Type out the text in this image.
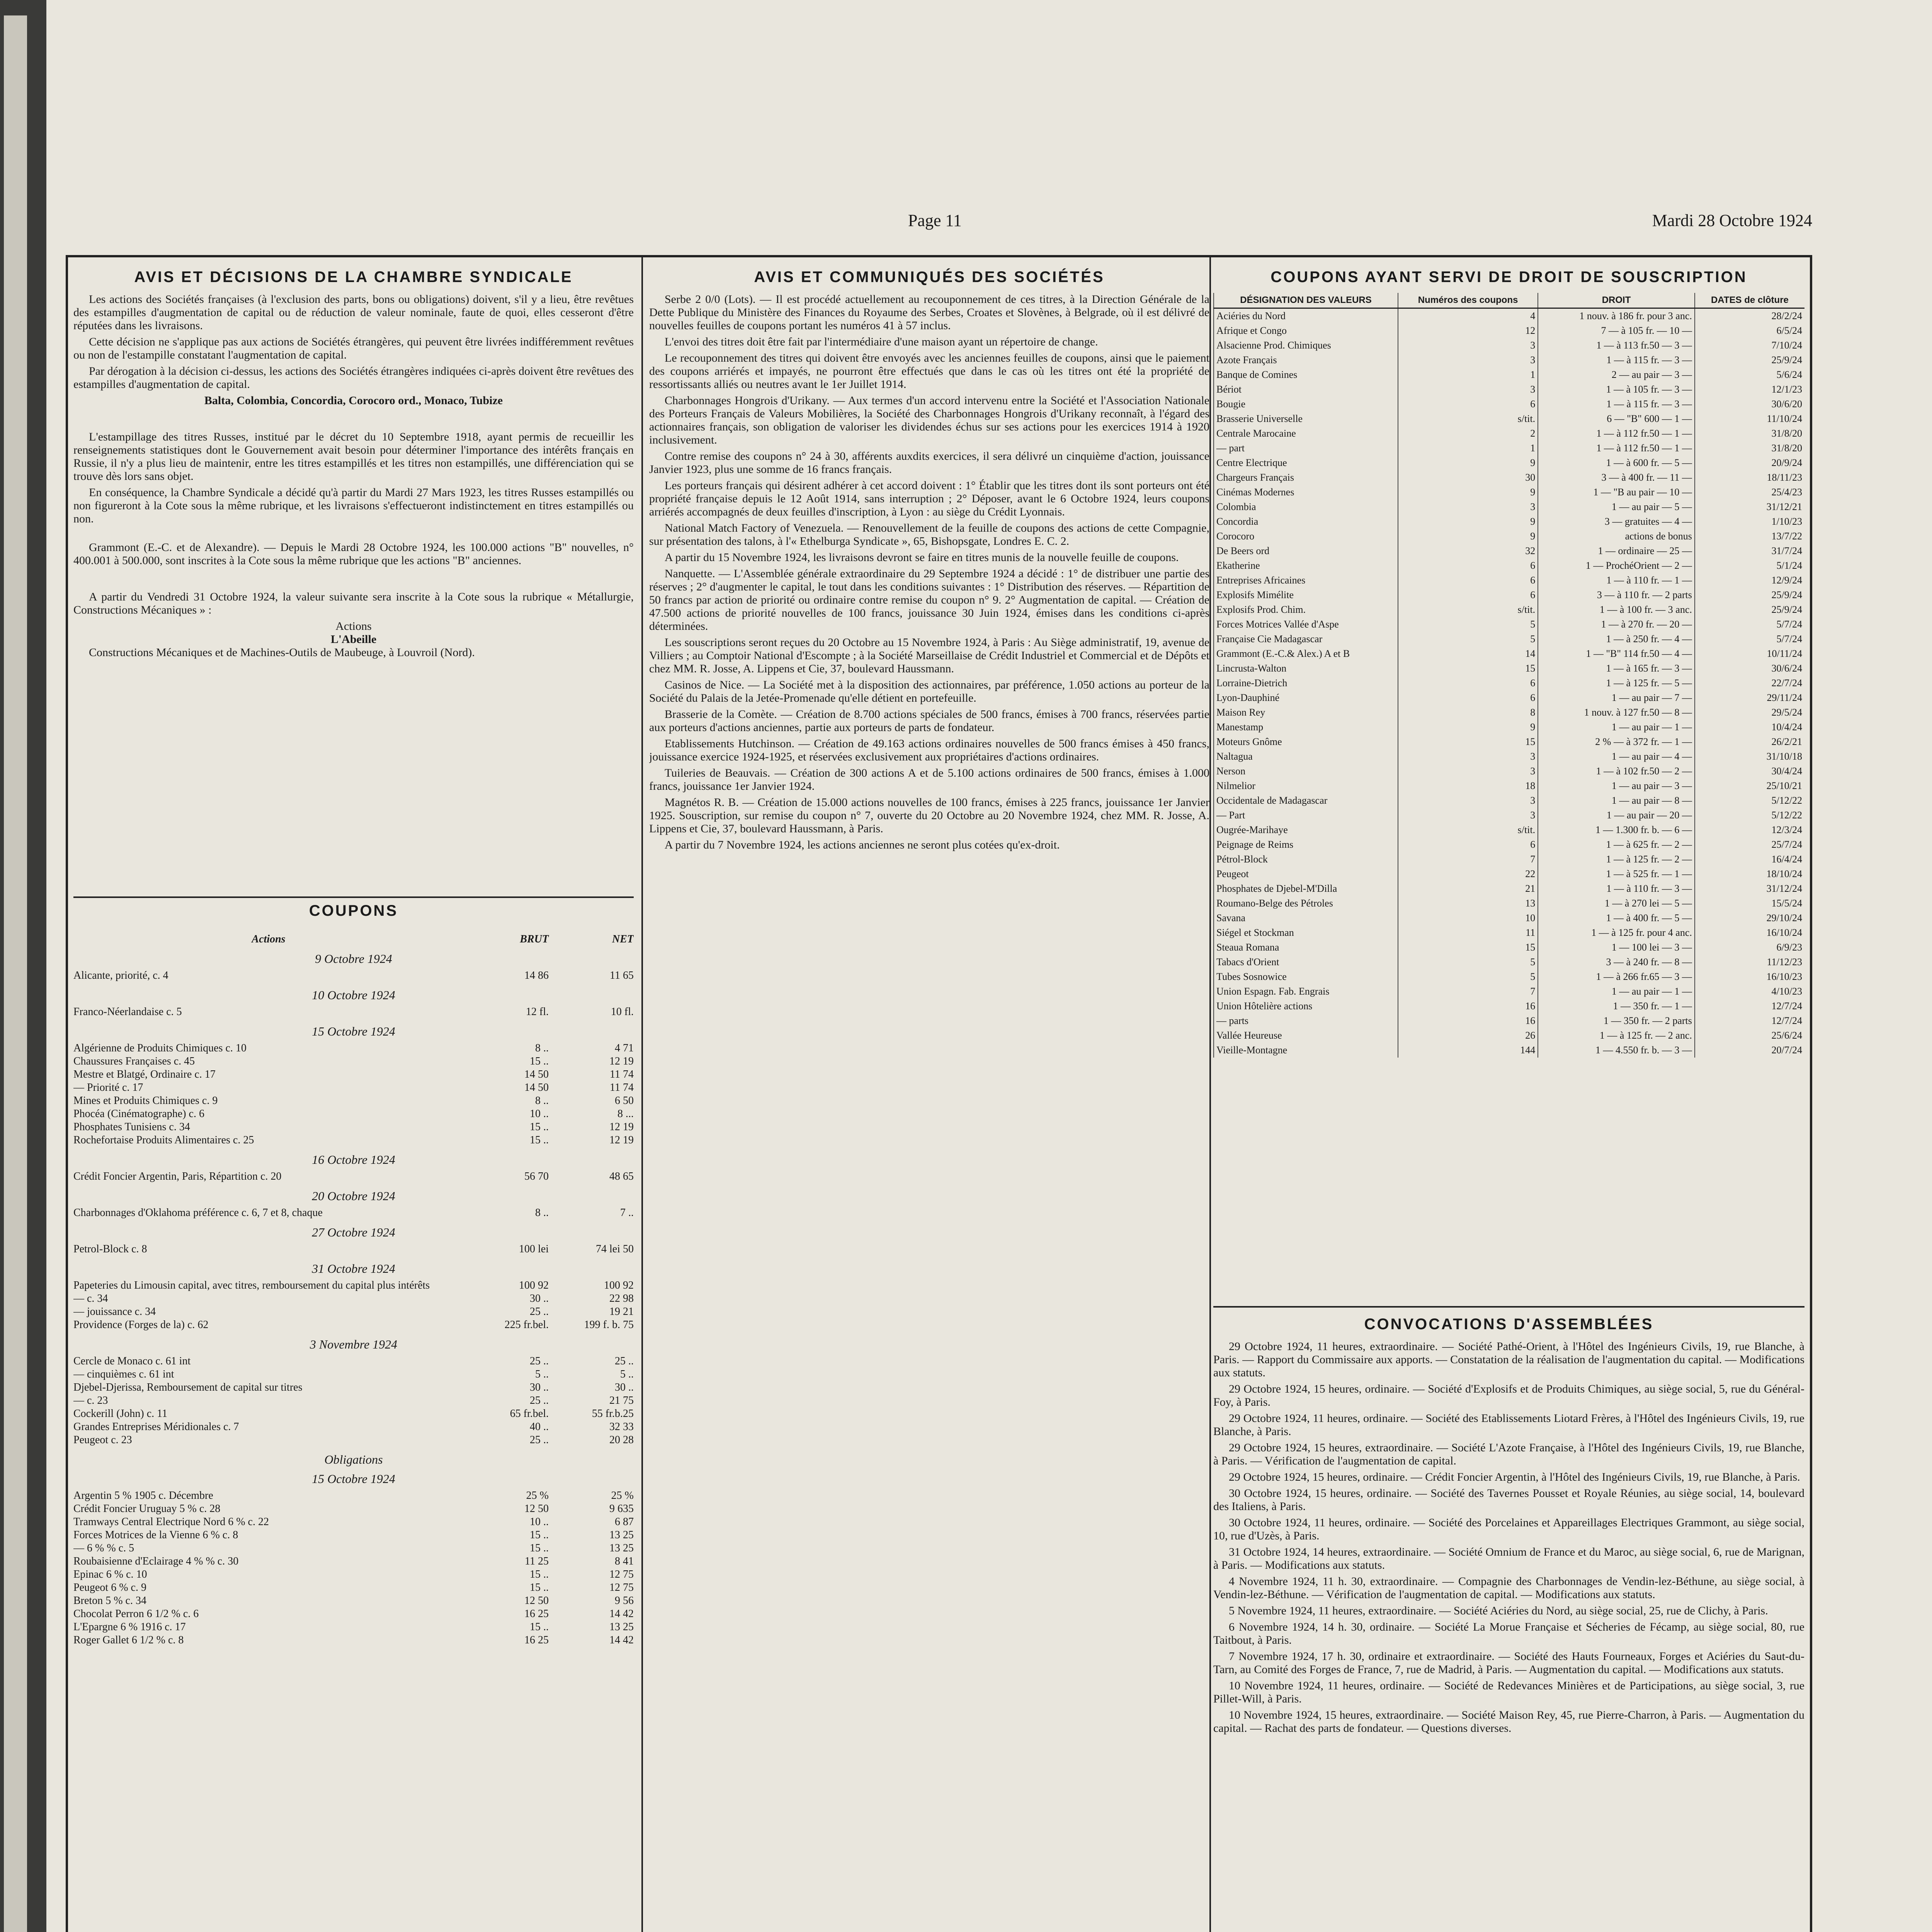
Page 11	Mardi 28 Octobre 1924
AVIS ET DÉCISIONS DE LA CHAMBRE SYNDICALE

Les actions des Sociétés françaises (à l'exclusion des parts, bons ou obligations) doivent, s'il y a lieu, être revêtues des estampilles d'augmentation de capital ou de réduction de valeur nominale, faute de quoi, elles cesseront d'être réputées dans les livraisons.

Cette décision ne s'applique pas aux actions de Sociétés étrangères, qui peuvent être livrées indifféremment revêtues ou non de l'estampille constatant l'augmentation de capital.

Par dérogation à la décision ci-dessus, les actions des Sociétés étrangères indiquées ci-après doivent être revêtues des estampilles d'augmentation de capital.

Balta, Colombia, Concordia, Corocoro ord., Monaco, Tubize

L'estampillage des titres Russes, institué par le décret du 10 Septembre 1918, ayant permis de recueillir les renseignements statistiques dont le Gouvernement avait besoin pour déterminer l'importance des intérêts français en Russie, il n'y a plus lieu de maintenir, entre les titres estampillés et les titres non estampillés, une différenciation qui se trouve dès lors sans objet.

En conséquence, la Chambre Syndicale a décidé qu'à partir du Mardi 27 Mars 1923, les titres Russes estampillés ou non figureront à la Cote sous la même rubrique, et les livraisons s'effectueront indistinctement en titres estampillés ou non.

Grammont (E.-C. et de Alexandre). — Depuis le Mardi 28 Octobre 1924, les 100.000 actions "B" nouvelles, n° 400.001 à 500.000, sont inscrites à la Cote sous la même rubrique que les actions "B" anciennes.

A partir du Vendredi 31 Octobre 1924, la valeur suivante sera inscrite à la Cote sous la rubrique « Métallurgie, Constructions Mécaniques » :

Actions
L'Abeille

Constructions Mécaniques et de Machines-Outils de Maubeuge, à Louvroil (Nord).

COUPONS
Actions	BRUT	NET
9 Octobre 1924
Alicante, priorité, c. 4	14 86	11 65
10 Octobre 1924
Franco-Néerlandaise c. 5	12 fl.	10 fl.
15 Octobre 1924
Algérienne de Produits Chimiques c. 10	8 ..	4 71
Chaussures Françaises c. 45	15 ..	12 19
Mestre et Blatgé, Ordinaire c. 17	14 50	11 74
— Priorité c. 17	14 50	11 74
Mines et Produits Chimiques c. 9	8 ..	6 50
Phocéa (Cinématographe) c. 6	10 ..	8 ...
Phosphates Tunisiens c. 34	15 ..	12 19
Rochefortaise Produits Alimentaires c. 25	15 ..	12 19
16 Octobre 1924
Crédit Foncier Argentin, Paris, Répartition c. 20	56 70	48 65
20 Octobre 1924
Charbonnages d'Oklahoma préférence c. 6, 7 et 8, chaque	8 ..	7 ..
27 Octobre 1924
Petrol-Block c. 8	100 lei	74 lei 50
31 Octobre 1924
Papeteries du Limousin capital, avec titres, remboursement du capital plus intérêts	100 92	100 92
— c. 34	30 ..	22 98
— jouissance c. 34	25 ..	19 21
Providence (Forges de la) c. 62	225 fr.bel.	199 f. b. 75
3 Novembre 1924
Cercle de Monaco c. 61 int	25 ..	25 ..
— cinquièmes c. 61 int	5 ..	5 ..
Djebel-Djerissa, Remboursement de capital sur titres	30 ..	30 ..
— c. 23	25 ..	21 75
Cockerill (John) c. 11	65 fr.bel.	55 fr.b.25
Grandes Entreprises Méridionales c. 7	40 ..	32 33
Peugeot c. 23	25 ..	20 28
Obligations
15 Octobre 1924
Argentin 5 % 1905 c. Décembre	25 %	25 %
Crédit Foncier Uruguay 5 % c. 28	12 50	9 635
Tramways Central Electrique Nord 6 % c. 22	10 ..	6 87
Forces Motrices de la Vienne 6 % c. 8	15 ..	13 25
— 6 % % c. 5	15 ..	13 25
Roubaisienne d'Eclairage 4 % % c. 30	11 25	8 41
Epinac 6 % c. 10	15 ..	12 75
Peugeot 6 % c. 9	15 ..	12 75
Breton 5 % c. 34	12 50	9 56
Chocolat Perron 6 1/2 % c. 6	16 25	14 42
L'Epargne 6 % 1916 c. 17	15 ..	13 25
Roger Gallet 6 1/2 % c. 8	16 25	14 42
AVIS ET COMMUNIQUÉS DES SOCIÉTÉS

Serbe 2 0/0 (Lots). — Il est procédé actuellement au recouponnement de ces titres, à la Direction Générale de la Dette Publique du Ministère des Finances du Royaume des Serbes, Croates et Slovènes, à Belgrade, où il est délivré de nouvelles feuilles de coupons portant les numéros 41 à 57 inclus.

L'envoi des titres doit être fait par l'intermédiaire d'une maison ayant un répertoire de change.

Le recouponnement des titres qui doivent être envoyés avec les anciennes feuilles de coupons, ainsi que le paiement des coupons arriérés et impayés, ne pourront être effectués que dans le cas où les titres ont été la propriété de ressortissants alliés ou neutres avant le 1er Juillet 1914.

Charbonnages Hongrois d'Urikany. — Aux termes d'un accord intervenu entre la Société et l'Association Nationale des Porteurs Français de Valeurs Mobilières, la Société des Charbonnages Hongrois d'Urikany reconnaît, à l'égard des actionnaires français, son obligation de valoriser les dividendes échus sur ses actions pour les exercices 1914 à 1920 inclusivement.

Contre remise des coupons n° 24 à 30, afférents auxdits exercices, il sera délivré un cinquième d'action, jouissance Janvier 1923, plus une somme de 16 francs français.

Les porteurs français qui désirent adhérer à cet accord doivent : 1° Établir que les titres dont ils sont porteurs ont été propriété française depuis le 12 Août 1914, sans interruption ; 2° Déposer, avant le 6 Octobre 1924, leurs coupons arriérés accompagnés de deux feuilles d'inscription, à Lyon : au siège du Crédit Lyonnais.

National Match Factory of Venezuela. — Renouvellement de la feuille de coupons des actions de cette Compagnie, sur présentation des talons, à l'« Ethelburga Syndicate », 65, Bishopsgate, Londres E. C. 2.

A partir du 15 Novembre 1924, les livraisons devront se faire en titres munis de la nouvelle feuille de coupons.

Nanquette. — L'Assemblée générale extraordinaire du 29 Septembre 1924 a décidé : 1° de distribuer une partie des réserves ; 2° d'augmenter le capital, le tout dans les conditions suivantes : 1° Distribution des réserves. — Répartition de 50 francs par action de priorité ou ordinaire contre remise du coupon n° 9. 2° Augmentation de capital. — Création de 47.500 actions de priorité nouvelles de 100 francs, jouissance 30 Juin 1924, émises dans les conditions ci-après déterminées.

Les souscriptions seront reçues du 20 Octobre au 15 Novembre 1924, à Paris : Au Siège administratif, 19, avenue de Villiers ; au Comptoir National d'Escompte ; à la Société Marseillaise de Crédit Industriel et Commercial et de Dépôts et chez MM. R. Josse, A. Lippens et Cie, 37, boulevard Haussmann.

Casinos de Nice. — La Société met à la disposition des actionnaires, par préférence, 1.050 actions au porteur de la Société du Palais de la Jetée-Promenade qu'elle détient en portefeuille.

Brasserie de la Comète. — Création de 8.700 actions spéciales de 500 francs, émises à 700 francs, réservées partie aux porteurs d'actions anciennes, partie aux porteurs de parts de fondateur.

Etablissements Hutchinson. — Création de 49.163 actions ordinaires nouvelles de 500 francs émises à 450 francs, jouissance exercice 1924-1925, et réservées exclusivement aux propriétaires d'actions ordinaires.

Tuileries de Beauvais. — Création de 300 actions A et de 5.100 actions ordinaires de 500 francs, émises à 1.000 francs, jouissance 1er Janvier 1924.

Magnétos R. B. — Création de 15.000 actions nouvelles de 100 francs, émises à 225 francs, jouissance 1er Janvier 1925. Souscription, sur remise du coupon n° 7, ouverte du 20 Octobre au 20 Novembre 1924, chez MM. R. Josse, A. Lippens et Cie, 37, boulevard Haussmann, à Paris.

A partir du 7 Novembre 1924, les actions anciennes ne seront plus cotées qu'ex-droit.

COUPONS AYANT SERVI DE DROIT DE SOUSCRIPTION
DÉSIGNATION DES VALEURS	Numéros des coupons	DROIT	DATES de clôture
Aciéries du Nord	4	1 nouv. à 186 fr. pour 3 anc.	28/2/24
Afrique et Congo	12	7 — à 105 fr. — 10 —	6/5/24
Alsacienne Prod. Chimiques	3	1 — à 113 fr.50 — 3 —	7/10/24
Azote Français	3	1 — à 115 fr. — 3 —	25/9/24
Banque de Comines	1	2 — au pair — 3 —	5/6/24
Bériot	3	1 — à 105 fr. — 3 —	12/1/23
Bougie	6	1 — à 115 fr. — 3 —	30/6/20
Brasserie Universelle	s/tit.	6 — "B" 600 — 1 —	11/10/24
Centrale Marocaine	2	1 — à 112 fr.50 — 1 —	31/8/20
— part	1	1 — à 112 fr.50 — 1 —	31/8/20
Centre Electrique	9	1 — à 600 fr. — 5 —	20/9/24
Chargeurs Français	30	3 — à 400 fr. — 11 —	18/11/23
Cinémas Modernes	9	1 — "B au pair — 10 —	25/4/23
Colombia	3	1 — au pair — 5 —	31/12/21
Concordia	9	3 — gratuites — 4 —	1/10/23
Corocoro	9	actions de bonus	13/7/22
De Beers ord	32	1 — ordinaire — 25 —	31/7/24
Ekatherine	6	1 — ProchéOrient — 2 —	5/1/24
Entreprises Africaines	6	1 — à 110 fr. — 1 —	12/9/24
Explosifs Mimélite	6	3 — à 110 fr. — 2 parts	25/9/24
Explosifs Prod. Chim.	s/tit.	1 — à 100 fr. — 3 anc.	25/9/24
Forces Motrices Vallée d'Aspe	5	1 — à 270 fr. — 20 —	5/7/24
Française Cie Madagascar	5	1 — à 250 fr. — 4 —	5/7/24
Grammont (E.-C.& Alex.) A et B	14	1 — "B" 114 fr.50 — 4 —	10/11/24
Lincrusta-Walton	15	1 — à 165 fr. — 3 —	30/6/24
Lorraine-Dietrich	6	1 — à 125 fr. — 5 —	22/7/24
Lyon-Dauphiné	6	1 — au pair — 7 —	29/11/24
Maison Rey	8	1 nouv. à 127 fr.50 — 8 —	29/5/24
Manestamp	9	1 — au pair — 1 —	10/4/24
Moteurs Gnôme	15	2 % — à 372 fr. — 1 —	26/2/21
Naltagua	3	1 — au pair — 4 —	31/10/18
Nerson	3	1 — à 102 fr.50 — 2 —	30/4/24
Nilmelior	18	1 — au pair — 3 —	25/10/21
Occidentale de Madagascar	3	1 — au pair — 8 —	5/12/22
— Part	3	1 — au pair — 20 —	5/12/22
Ougrée-Marihaye	s/tit.	1 — 1.300 fr. b. — 6 —	12/3/24
Peignage de Reims	6	1 — à 625 fr. — 2 —	25/7/24
Pétrol-Block	7	1 — à 125 fr. — 2 —	16/4/24
Peugeot	22	1 — à 525 fr. — 1 —	18/10/24
Phosphates de Djebel-M'Dilla	21	1 — à 110 fr. — 3 —	31/12/24
Roumano-Belge des Pétroles	13	1 — à 270 lei — 5 —	15/5/24
Savana	10	1 — à 400 fr. — 5 —	29/10/24
Siégel et Stockman	11	1 — à 125 fr. pour 4 anc.	16/10/24
Steaua Romana	15	1 — 100 lei — 3 —	6/9/23
Tabacs d'Orient	5	3 — à 240 fr. — 8 —	11/12/23
Tubes Sosnowice	5	1 — à 266 fr.65 — 3 —	16/10/23
Union Espagn. Fab. Engrais	7	1 — au pair — 1 —	4/10/23
Union Hôtelière actions	16	1 — 350 fr. — 1 —	12/7/24
— parts	16	1 — 350 fr. — 2 parts	12/7/24
Vallée Heureuse	26	1 — à 125 fr. — 2 anc.	25/6/24
Vieille-Montagne	144	1 — 4.550 fr. b. — 3 —	20/7/24
CONVOCATIONS D'ASSEMBLÉES

29 Octobre 1924, 11 heures, extraordinaire. — Société Pathé-Orient, à l'Hôtel des Ingénieurs Civils, 19, rue Blanche, à Paris. — Rapport du Commissaire aux apports. — Constatation de la réalisation de l'augmentation du capital. — Modifications aux statuts.

29 Octobre 1924, 15 heures, ordinaire. — Société d'Explosifs et de Produits Chimiques, au siège social, 5, rue du Général-Foy, à Paris.

29 Octobre 1924, 11 heures, ordinaire. — Société des Etablissements Liotard Frères, à l'Hôtel des Ingénieurs Civils, 19, rue Blanche, à Paris.

29 Octobre 1924, 15 heures, extraordinaire. — Société L'Azote Française, à l'Hôtel des Ingénieurs Civils, 19, rue Blanche, à Paris. — Vérification de l'augmentation de capital.

29 Octobre 1924, 15 heures, ordinaire. — Crédit Foncier Argentin, à l'Hôtel des Ingénieurs Civils, 19, rue Blanche, à Paris.

30 Octobre 1924, 15 heures, ordinaire. — Société des Tavernes Pousset et Royale Réunies, au siège social, 14, boulevard des Italiens, à Paris.

30 Octobre 1924, 11 heures, ordinaire. — Société des Porcelaines et Appareillages Electriques Grammont, au siège social, 10, rue d'Uzès, à Paris.

31 Octobre 1924, 14 heures, extraordinaire. — Société Omnium de France et du Maroc, au siège social, 6, rue de Marignan, à Paris. — Modifications aux statuts.

4 Novembre 1924, 11 h. 30, extraordinaire. — Compagnie des Charbonnages de Vendin-lez-Béthune, au siège social, à Vendin-lez-Béthune. — Vérification de l'augmentation de capital. — Modifications aux statuts.

5 Novembre 1924, 11 heures, extraordinaire. — Société Aciéries du Nord, au siège social, 25, rue de Clichy, à Paris.

6 Novembre 1924, 14 h. 30, ordinaire. — Société La Morue Française et Sécheries de Fécamp, au siège social, 80, rue Taitbout, à Paris.

7 Novembre 1924, 17 h. 30, ordinaire et extraordinaire. — Société des Hauts Fourneaux, Forges et Aciéries du Saut-du-Tarn, au Comité des Forges de France, 7, rue de Madrid, à Paris. — Augmentation du capital. — Modifications aux statuts.

10 Novembre 1924, 11 heures, ordinaire. — Société de Redevances Minières et de Participations, au siège social, 3, rue Pillet-Will, à Paris.

10 Novembre 1924, 15 heures, extraordinaire. — Société Maison Rey, 45, rue Pierre-Charron, à Paris. — Augmentation du capital. — Rachat des parts de fondateur. — Questions diverses.
